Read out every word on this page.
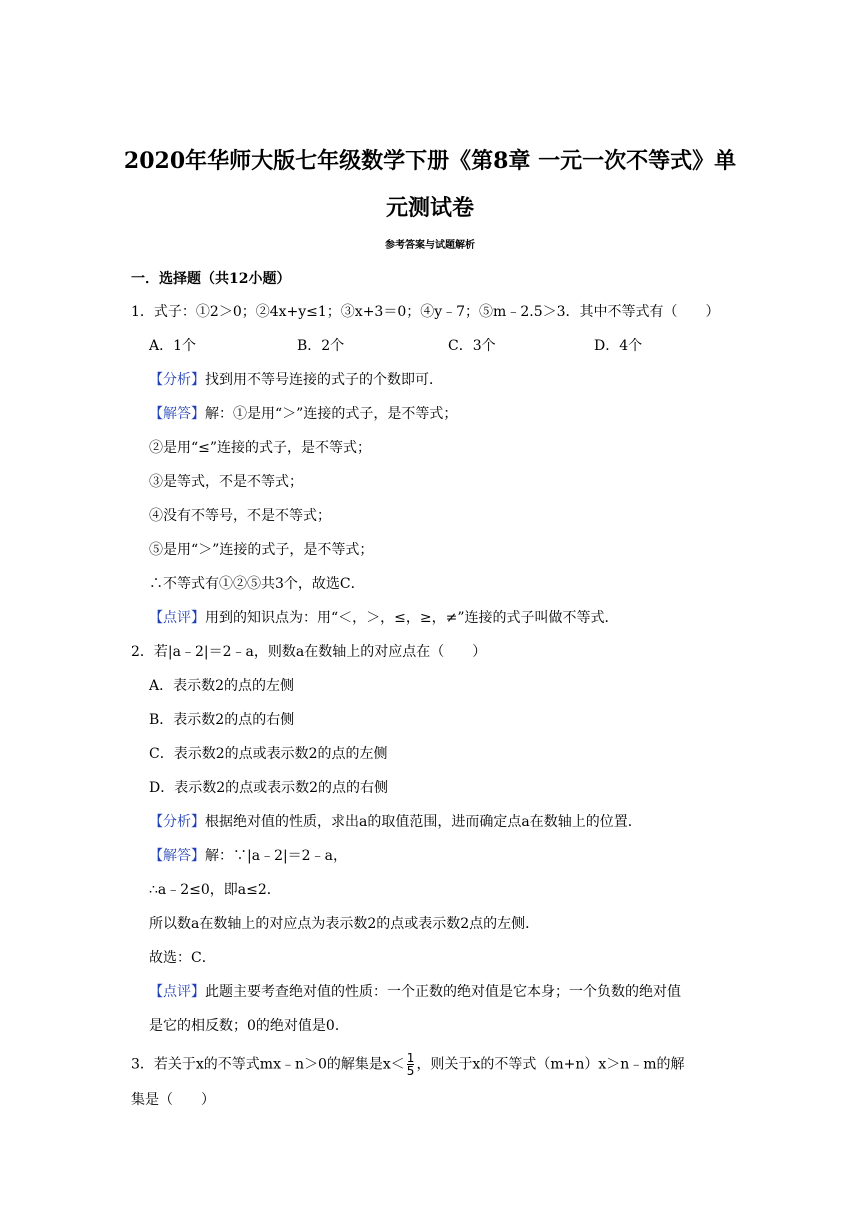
2020年华师大版七年级数学下册《第8章 一元一次不等式》单
元测试卷
参考答案与试题解析
一．选择题（共12小题）
1．式子：①2＞0；②4x+y≤1；③x+3＝0；④y﹣7；⑤m﹣2.5＞3．其中不等式有（　　）
A．1个	B．2个	C．3个	D．4个
【分析】找到用不等号连接的式子的个数即可．
【解答】解：①是用“＞”连接的式子，是不等式；
②是用“≤”连接的式子，是不等式；
③是等式，不是不等式；
④没有不等号，不是不等式；
⑤是用“＞”连接的式子，是不等式；
∴不等式有①②⑤共3个，故选C．
【点评】用到的知识点为：用“＜，＞，≤，≥，≠”连接的式子叫做不等式．
2．若|a﹣2|＝2﹣a，则数a在数轴上的对应点在（　　）
A．表示数2的点的左侧
B．表示数2的点的右侧
C．表示数2的点或表示数2的点的左侧
D．表示数2的点或表示数2的点的右侧
【分析】根据绝对值的性质，求出a的取值范围，进而确定点a在数轴上的位置．
【解答】解：∵|a﹣2|＝2﹣a，
∴a﹣2≤0，即a≤2．
所以数a在数轴上的对应点为表示数2的点或表示数2点的左侧．
故选：C．
【点评】此题主要考查绝对值的性质：一个正数的绝对值是它本身；一个负数的绝对值
是它的相反数；0的绝对值是0．
3．若关于x的不等式mx﹣n＞0的解集是$x< \frac{1}{5}$ ，则关于x的不等式（m+n）x＞n﹣m的解
集是（　　）
